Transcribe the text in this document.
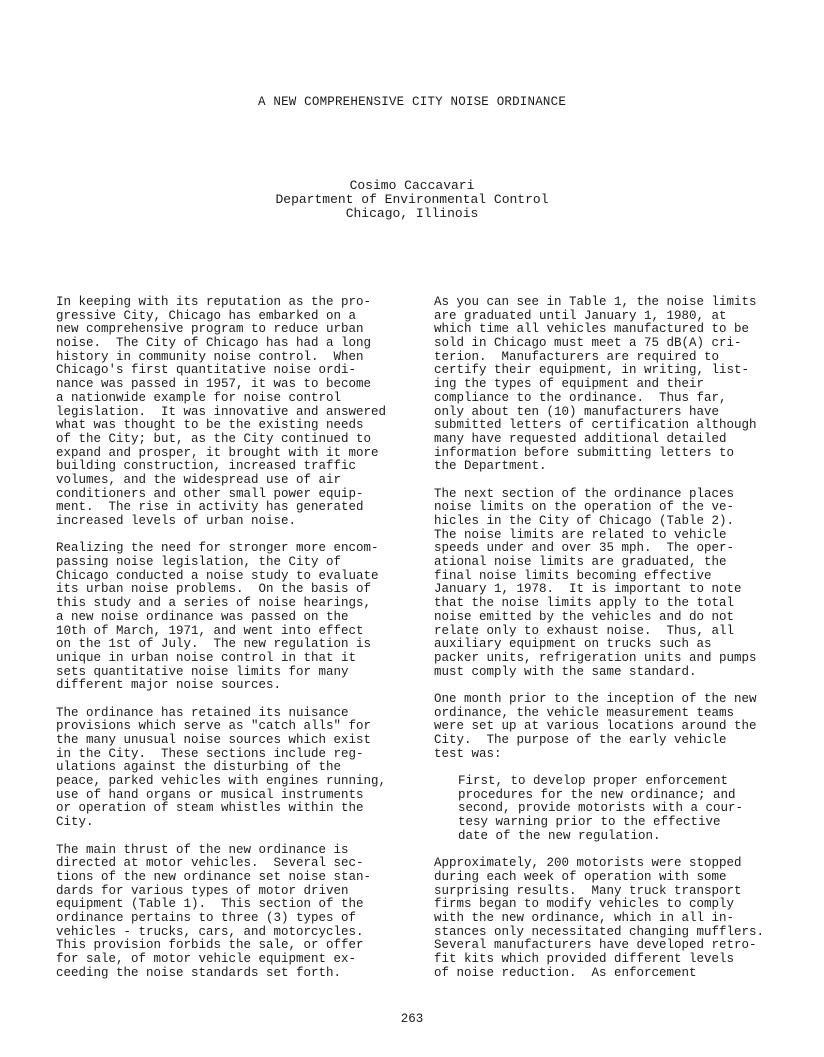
A NEW COMPREHENSIVE CITY NOISE ORDINANCE
Cosimo Caccavari
Department of Environmental Control
Chicago, Illinois

In keeping with its reputation as the pro-
gressive City, Chicago has embarked on a
new comprehensive program to reduce urban
noise.  The City of Chicago has had a long
history in community noise control.  When
Chicago's first quantitative noise ordi-
nance was passed in 1957, it was to become
a nationwide example for noise control
legislation.  It was innovative and answered
what was thought to be the existing needs
of the City; but, as the City continued to
expand and prosper, it brought with it more
building construction, increased traffic
volumes, and the widespread use of air
conditioners and other small power equip-
ment.  The rise in activity has generated
increased levels of urban noise.

Realizing the need for stronger more encom-
passing noise legislation, the City of
Chicago conducted a noise study to evaluate
its urban noise problems.  On the basis of
this study and a series of noise hearings,
a new noise ordinance was passed on the
10th of March, 1971, and went into effect
on the 1st of July.  The new regulation is
unique in urban noise control in that it
sets quantitative noise limits for many
different major noise sources.

The ordinance has retained its nuisance
provisions which serve as "catch alls" for
the many unusual noise sources which exist
in the City.  These sections include reg-
ulations against the disturbing of the
peace, parked vehicles with engines running,
use of hand organs or musical instruments
or operation of steam whistles within the
City.

The main thrust of the new ordinance is
directed at motor vehicles.  Several sec-
tions of the new ordinance set noise stan-
dards for various types of motor driven
equipment (Table 1).  This section of the
ordinance pertains to three (3) types of
vehicles - trucks, cars, and motorcycles.
This provision forbids the sale, or offer
for sale, of motor vehicle equipment ex-
ceeding the noise standards set forth.

As you can see in Table 1, the noise limits
are graduated until January 1, 1980, at
which time all vehicles manufactured to be
sold in Chicago must meet a 75 dB(A) cri-
terion.  Manufacturers are required to
certify their equipment, in writing, list-
ing the types of equipment and their
compliance to the ordinance.  Thus far,
only about ten (10) manufacturers have
submitted letters of certification although
many have requested additional detailed
information before submitting letters to
the Department.

The next section of the ordinance places
noise limits on the operation of the ve-
hicles in the City of Chicago (Table 2).
The noise limits are related to vehicle
speeds under and over 35 mph.  The oper-
ational noise limits are graduated, the
final noise limits becoming effective
January 1, 1978.  It is important to note
that the noise limits apply to the total
noise emitted by the vehicles and do not
relate only to exhaust noise.  Thus, all
auxiliary equipment on trucks such as
packer units, refrigeration units and pumps
must comply with the same standard.

One month prior to the inception of the new
ordinance, the vehicle measurement teams
were set up at various locations around the
City.  The purpose of the early vehicle
test was:

First, to develop proper enforcement
procedures for the new ordinance; and
second, provide motorists with a cour-
tesy warning prior to the effective
date of the new regulation.

Approximately, 200 motorists were stopped
during each week of operation with some
surprising results.  Many truck transport
firms began to modify vehicles to comply
with the new ordinance, which in all in-
stances only necessitated changing mufflers.
Several manufacturers have developed retro-
fit kits which provided different levels
of noise reduction.  As enforcement

263
